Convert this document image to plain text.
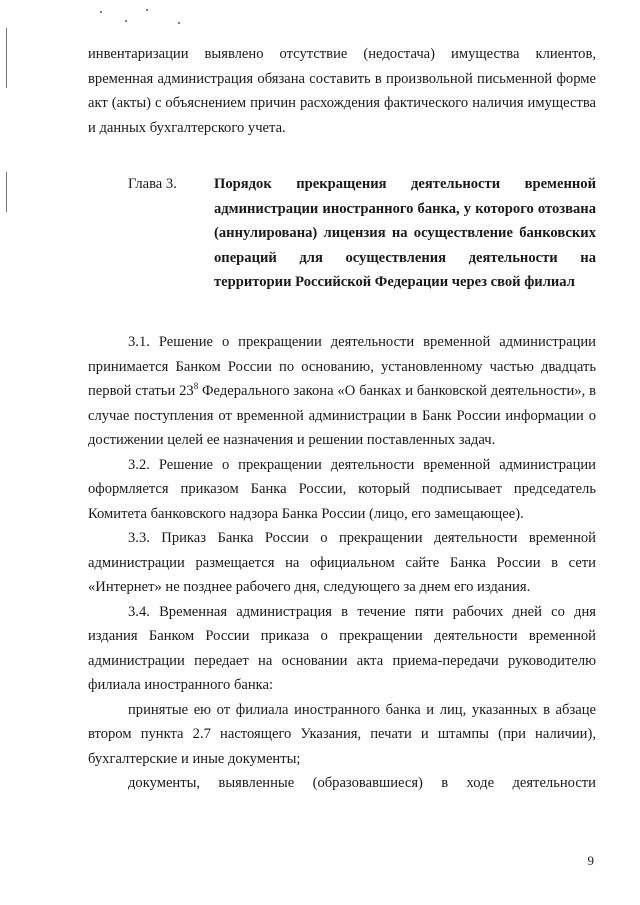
инвентаризации выявлено отсутствие (недостача) имущества клиентов, временная администрация обязана составить в произвольной письменной форме акт (акты) с объяснением причин расхождения фактического наличия имущества и данных бухгалтерского учета.

Глава 3.	Порядок прекращения деятельности временной администрации иностранного банка, у которого отозвана (аннулирована) лицензия на осуществление банковских операций для осуществления деятельности на территории Российской Федерации через свой филиал

3.1. Решение о прекращении деятельности временной администрации принимается Банком России по основанию, установленному частью двадцать первой статьи $23^8$ Федерального закона «О банках и банковской деятельности», в случае поступления от временной администрации в Банк России информации о достижении целей ее назначения и решении поставленных задач.

3.2. Решение о прекращении деятельности временной администрации оформляется приказом Банка России, который подписывает председатель Комитета банковского надзора Банка России (лицо, его замещающее).

3.3. Приказ Банка России о прекращении деятельности временной администрации размещается на официальном сайте Банка России в сети «Интернет» не позднее рабочего дня, следующего за днем его издания.

3.4. Временная администрация в течение пяти рабочих дней со дня издания Банком России приказа о прекращении деятельности временной администрации передает на основании акта приема-передачи руководителю филиала иностранного банка:

принятые ею от филиала иностранного банка и лиц, указанных в абзаце втором пункта 2.7 настоящего Указания, печати и штампы (при наличии), бухгалтерские и иные документы;

документы, выявленные (образовавшиеся) в ходе деятельности

9
